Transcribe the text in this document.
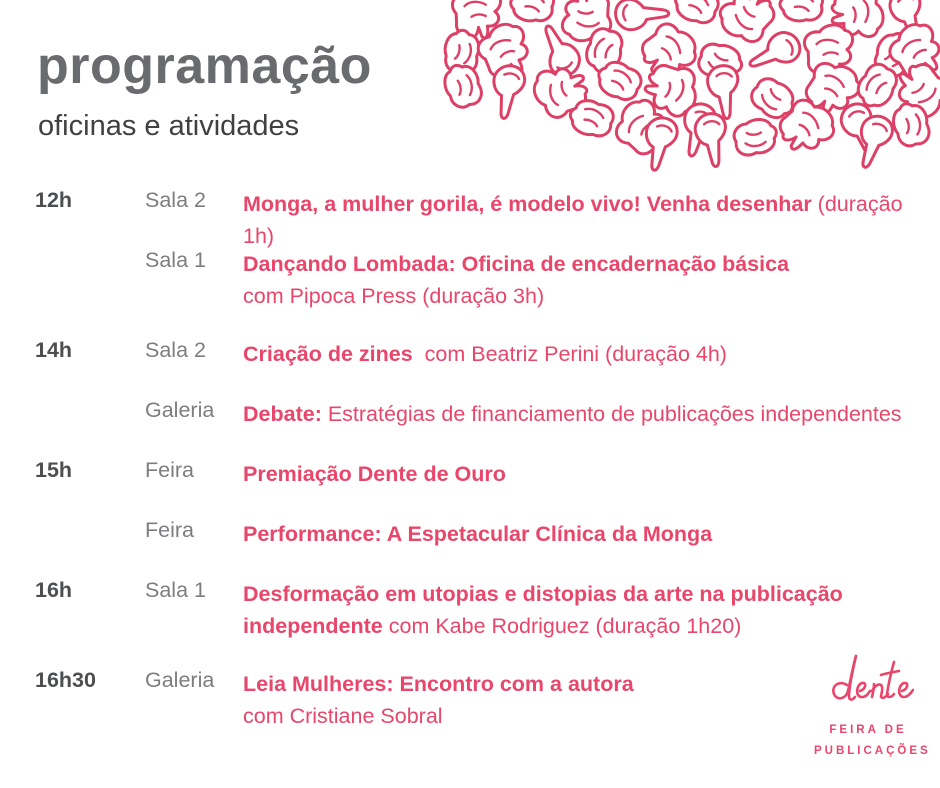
programação
oficinas e atividades
12h	Sala 2	Monga, a mulher gorila, é modelo vivo! Venha desenhar (duração 1h)
Sala 1	Dançando Lombada: Oficina de encadernação básica
com Pipoca Press (duração 3h)
14h	Sala 2	Criação de zines  com Beatriz Perini (duração 4h)
Galeria	Debate: Estratégias de financiamento de publicações independentes
15h	Feira	Premiação Dente de Ouro
Feira	Performance: A Espetacular Clínica da Monga
16h	Sala 1	Desformação em utopias e distopias da arte na publicação
independente com Kabe Rodriguez (duração 1h20)
16h30	Galeria	Leia Mulheres: Encontro com a autora
com Cristiane Sobral
FEIRA DE
PUBLICAÇÕES
